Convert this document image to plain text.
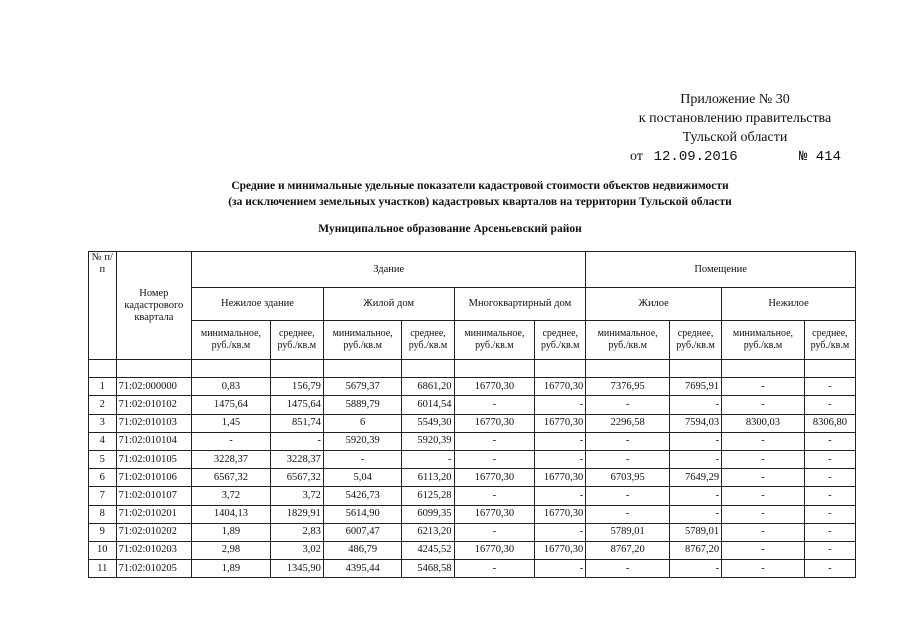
Приложение № 30
к постановлению правительства
Тульской области
от 12.09.2016	№ 414
Средние и минимальные удельные показатели кадастровой стоимости объектов недвижимости
(за исключением земельных участков) кадастровых кварталов на территории Тульской области
Муниципальное образование Арсеньевский район
№ п/п	Номер кадастрового квартала	Здание						Помещение			
		Нежилое здание		Жилой дом		Многоквартирный дом		Жилое		Нежилое	
		минимальное, руб./кв.м	среднее, руб./кв.м	минимальное, руб./кв.м	среднее, руб./кв.м	минимальное, руб./кв.м	среднее, руб./кв.м	минимальное, руб./кв.м	среднее, руб./кв.м	минимальное, руб./кв.м	среднее, руб./кв.м

1	71:02:000000	0,83	156,79	5679,37	6861,20	16770,30	16770,30	7376,95	7695,91	-	-
2	71:02:010102	1475,64	1475,64	5889,79	6014,54	-	-	-	-	-	-
3	71:02:010103	1,45	851,74	6	5549,30	16770,30	16770,30	2296,58	7594,03	8300,03	8306,80
4	71:02:010104	-	-	5920,39	5920,39	-	-	-	-	-	-
5	71:02:010105	3228,37	3228,37	-	-	-	-	-	-	-	-
6	71:02:010106	6567,32	6567,32	5,04	6113,20	16770,30	16770,30	6703,95	7649,29	-	-
7	71:02:010107	3,72	3,72	5426,73	6125,28	-	-	-	-	-	-
8	71:02:010201	1404,13	1829,91	5614,90	6099,35	16770,30	16770,30	-	-	-	-
9	71:02:010202	1,89	2,83	6007,47	6213,20	-	-	5789,01	5789,01	-	-
10	71:02:010203	2,98	3,02	486,79	4245,52	16770,30	16770,30	8767,20	8767,20	-	-
11	71:02:010205	1,89	1345,90	4395,44	5468,58	-	-	-	-	-	-
